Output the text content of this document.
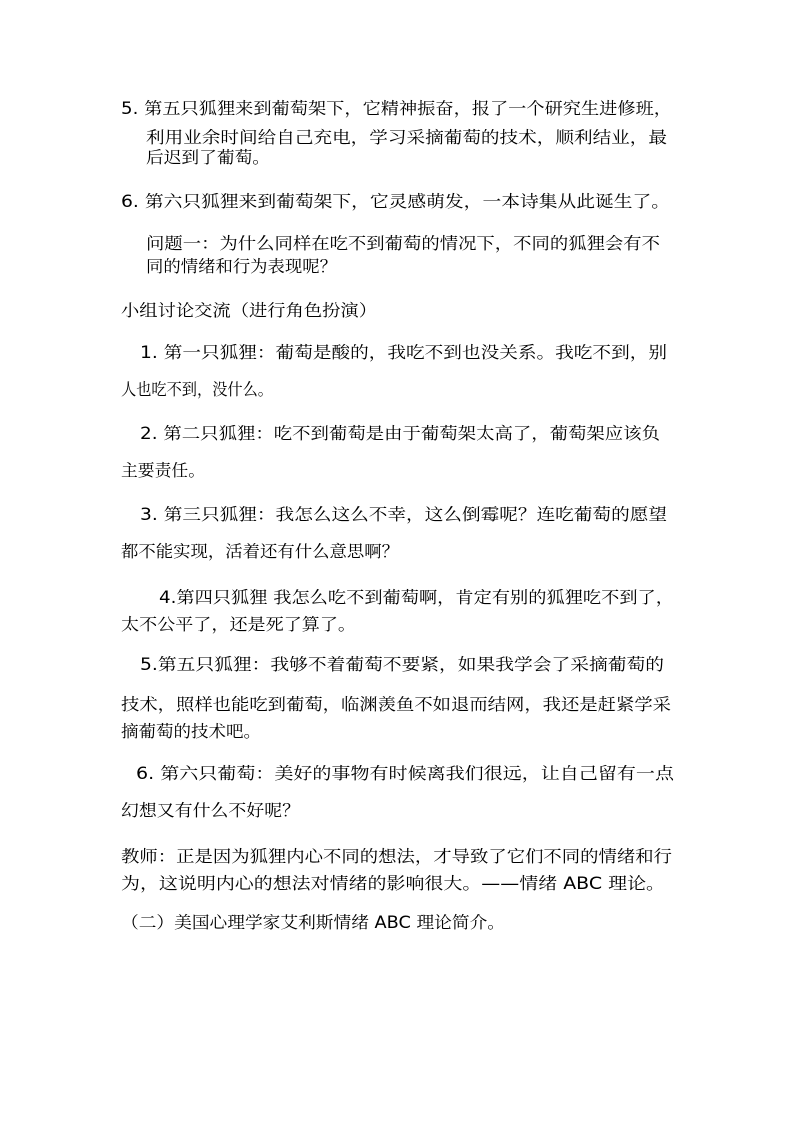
5. 第五只狐狸来到葡萄架下，它精神振奋，报了一个研究生进修班，

利用业余时间给自己充电，学习采摘葡萄的技术，顺利结业，最

后迟到了葡萄。

6. 第六只狐狸来到葡萄架下，它灵感萌发，一本诗集从此诞生了。

问题一：为什么同样在吃不到葡萄的情况下，不同的狐狸会有不

同的情绪和行为表现呢？

小组讨论交流（进行角色扮演）

1. 第一只狐狸：葡萄是酸的，我吃不到也没关系。我吃不到，别

人也吃不到，没什么。

2. 第二只狐狸：吃不到葡萄是由于葡萄架太高了，葡萄架应该负

主要责任。

3. 第三只狐狸：我怎么这么不幸，这么倒霉呢？连吃葡萄的愿望

都不能实现，活着还有什么意思啊？

4.第四只狐狸 我怎么吃不到葡萄啊，肯定有别的狐狸吃不到了，

太不公平了，还是死了算了。

5.第五只狐狸：我够不着葡萄不要紧，如果我学会了采摘葡萄的

技术，照样也能吃到葡萄，临渊羡鱼不如退而结网，我还是赶紧学采

摘葡萄的技术吧。

6. 第六只葡萄：美好的事物有时候离我们很远，让自己留有一点

幻想又有什么不好呢？

教师：正是因为狐狸内心不同的想法，才导致了它们不同的情绪和行

为，这说明内心的想法对情绪的影响很大。——情绪 ABC 理论。

（二）美国心理学家艾利斯情绪 ABC 理论简介。
